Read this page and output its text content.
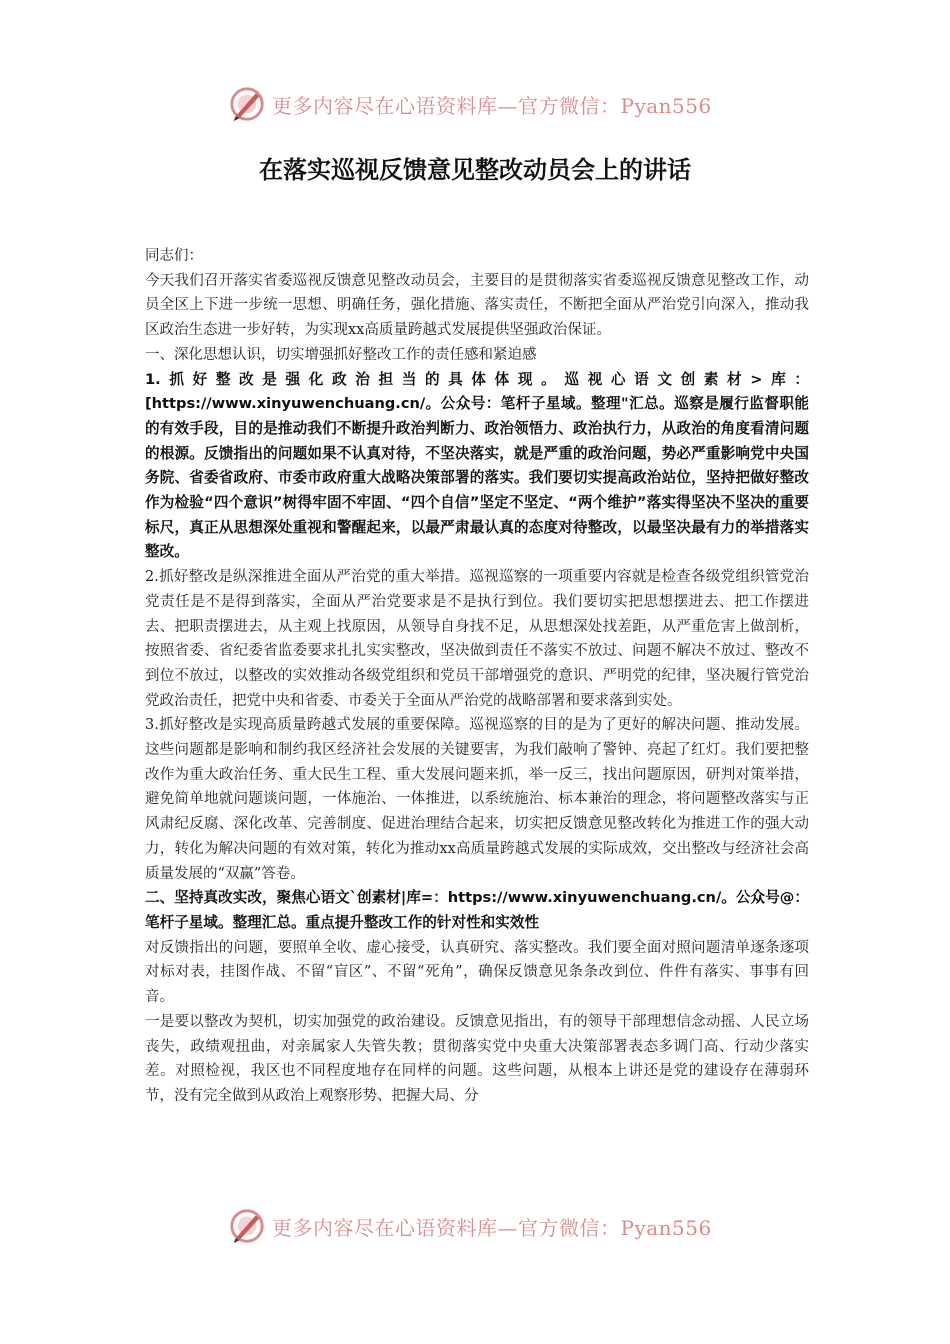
更多内容尽在心语资料库—官方微信：Pyan556
在落实巡视反馈意见整改动员会上的讲话

同志们：

今天我们召开落实省委巡视反馈意见整改动员会，主要目的是贯彻落实省委巡视反馈意见整改工作，动员全区上下进一步统一思想、明确任务，强化措施、落实责任，不断把全面从严治党引向深入，推动我区政治生态进一步好转，为实现xx高质量跨越式发展提供坚强政治保证。

一、深化思想认识，切实增强抓好整改工作的责任感和紧迫感

1.抓好整改是强化政治担当的具体体现。巡视心语文创素材>库：[https://www.xinyuwenchuang.cn/。公众号：笔杆子星域。整理"汇总。巡察是履行监督职能的有效手段，目的是推动我们不断提升政治判断力、政治领悟力、政治执行力，从政治的角度看清问题的根源。反馈指出的问题如果不认真对待，不坚决落实，就是严重的政治问题，势必严重影响党中央国务院、省委省政府、市委市政府重大战略决策部署的落实。我们要切实提高政治站位，坚持把做好整改作为检验“四个意识”树得牢固不牢固、“四个自信”坚定不坚定、“两个维护”落实得坚决不坚决的重要标尺，真正从思想深处重视和警醒起来，以最严肃最认真的态度对待整改，以最坚决最有力的举措落实整改。

2.抓好整改是纵深推进全面从严治党的重大举措。巡视巡察的一项重要内容就是检查各级党组织管党治党责任是不是得到落实，全面从严治党要求是不是执行到位。我们要切实把思想摆进去、把工作摆进去、把职责摆进去，从主观上找原因，从领导自身找不足，从思想深处找差距，从严重危害上做剖析，按照省委、省纪委省监委要求扎扎实实整改，坚决做到责任不落实不放过、问题不解决不放过、整改不到位不放过，以整改的实效推动各级党组织和党员干部增强党的意识、严明党的纪律，坚决履行管党治党政治责任，把党中央和省委、市委关于全面从严治党的战略部署和要求落到实处。

3.抓好整改是实现高质量跨越式发展的重要保障。巡视巡察的目的是为了更好的解决问题、推动发展。这些问题都是影响和制约我区经济社会发展的关键要害，为我们敲响了警钟、亮起了红灯。我们要把整改作为重大政治任务、重大民生工程、重大发展问题来抓，举一反三，找出问题原因，研判对策举措，避免简单地就问题谈问题，一体施治、一体推进，以系统施治、标本兼治的理念，将问题整改落实与正风肃纪反腐、深化改革、完善制度、促进治理结合起来，切实把反馈意见整改转化为推进工作的强大动力，转化为解决问题的有效对策，转化为推动xx高质量跨越式发展的实际成效，交出整改与经济社会高质量发展的“双赢”答卷。

二、坚持真改实改，聚焦心语文`创素材|库=：https://www.xinyuwenchuang.cn/。公众号@：笔杆子星域。整理汇总。重点提升整改工作的针对性和实效性

对反馈指出的问题，要照单全收、虚心接受，认真研究、落实整改。我们要全面对照问题清单逐条逐项对标对表，挂图作战、不留“盲区”、不留“死角”，确保反馈意见条条改到位、件件有落实、事事有回音。

一是要以整改为契机，切实加强党的政治建设。反馈意见指出，有的领导干部理想信念动摇、人民立场丧失，政绩观扭曲，对亲属家人失管失教；贯彻落实党中央重大决策部署表态多调门高、行动少落实差。对照检视，我区也不同程度地存在同样的问题。这些问题，从根本上讲还是党的建设存在薄弱环节，没有完全做到从政治上观察形势、把握大局、分

更多内容尽在心语资料库—官方微信：Pyan556
